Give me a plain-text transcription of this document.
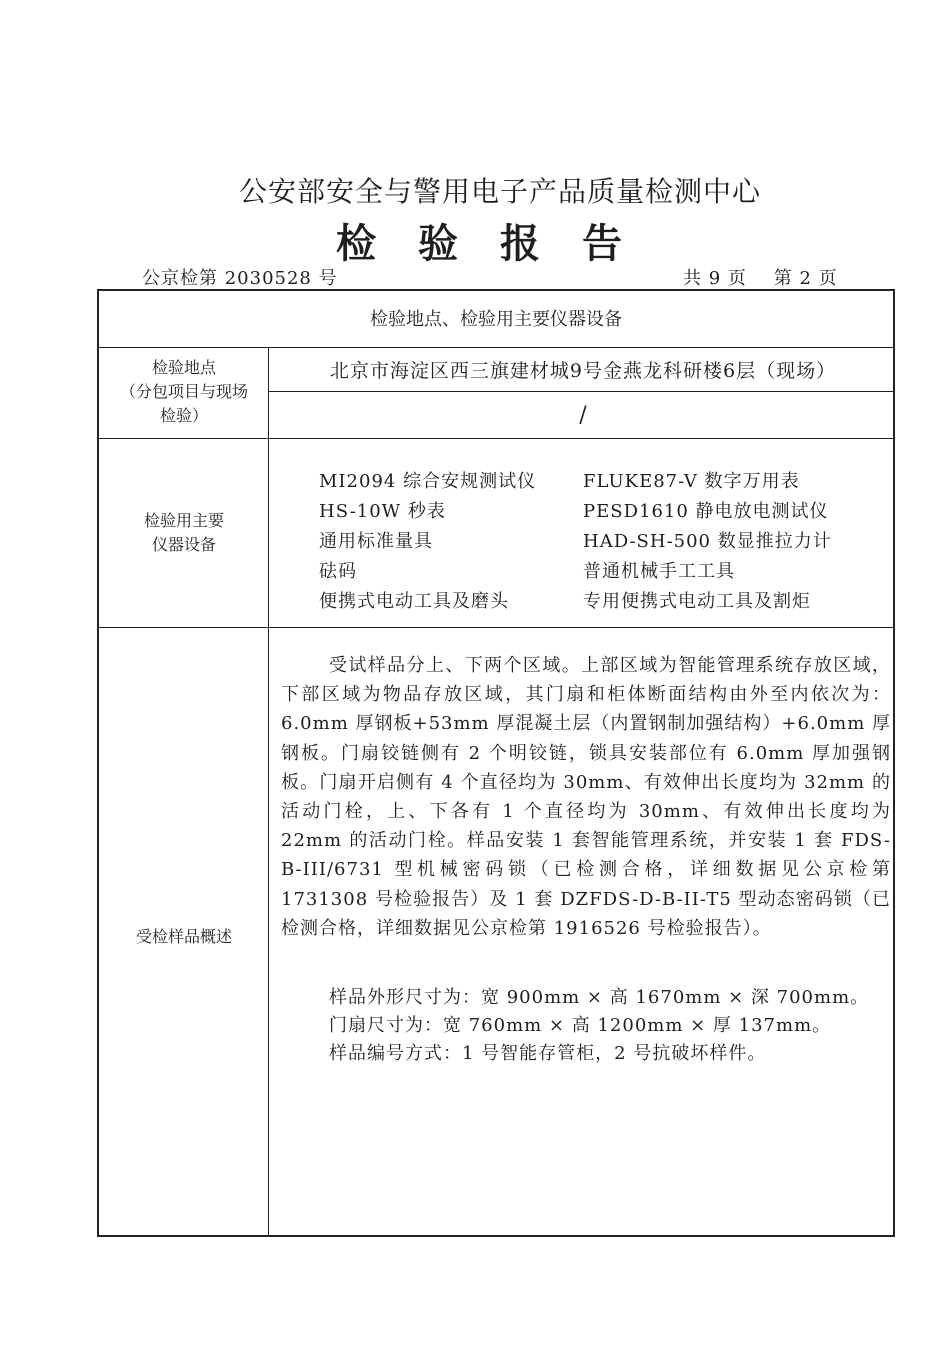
公安部安全与警用电子产品质量检测中心
检验报告
公京检第 2030528 号	共 9 页    第 2 页
检验地点、检验用主要仪器设备
检验地点
（分包项目与现场
检验）
北京市海淀区西三旗建材城9号金燕龙科研楼6层（现场）
/
检验用主要
仪器设备
MI2094 综合安规测试仪
HS-10W 秒表
通用标准量具
砝码
便携式电动工具及磨头
FLUKE87-V 数字万用表
PESD1610 静电放电测试仪
HAD-SH-500 数显推拉力计
普通机械手工工具
专用便携式电动工具及割炬
受检样品概述
受试样品分上、下两个区域。上部区域为智能管理系统存放区域，下部区域为物品存放区域，其门扇和柜体断面结构由外至内依次为：6.0mm 厚钢板+53mm 厚混凝土层（内置钢制加强结构）+6.0mm 厚钢板。门扇铰链侧有 2 个明铰链，锁具安装部位有 6.0mm 厚加强钢板。门扇开启侧有 4 个直径均为 30mm、有效伸出长度均为 32mm 的活动门栓，上、下各有 1 个直径均为 30mm、有效伸出长度均为 22mm 的活动门栓。样品安装 1 套智能管理系统，并安装 1 套 FDS-B-III/6731 型机械密码锁（已检测合格，详细数据见公京检第 1731308 号检验报告）及 1 套 DZFDS-D-B-II-T5 型动态密码锁（已检测合格，详细数据见公京检第 1916526 号检验报告）。
样品外形尺寸为：宽 900mm × 高 1670mm × 深 700mm。
门扇尺寸为：宽 760mm × 高 1200mm × 厚 137mm。
样品编号方式：1 号智能存管柜，2 号抗破坏样件。
